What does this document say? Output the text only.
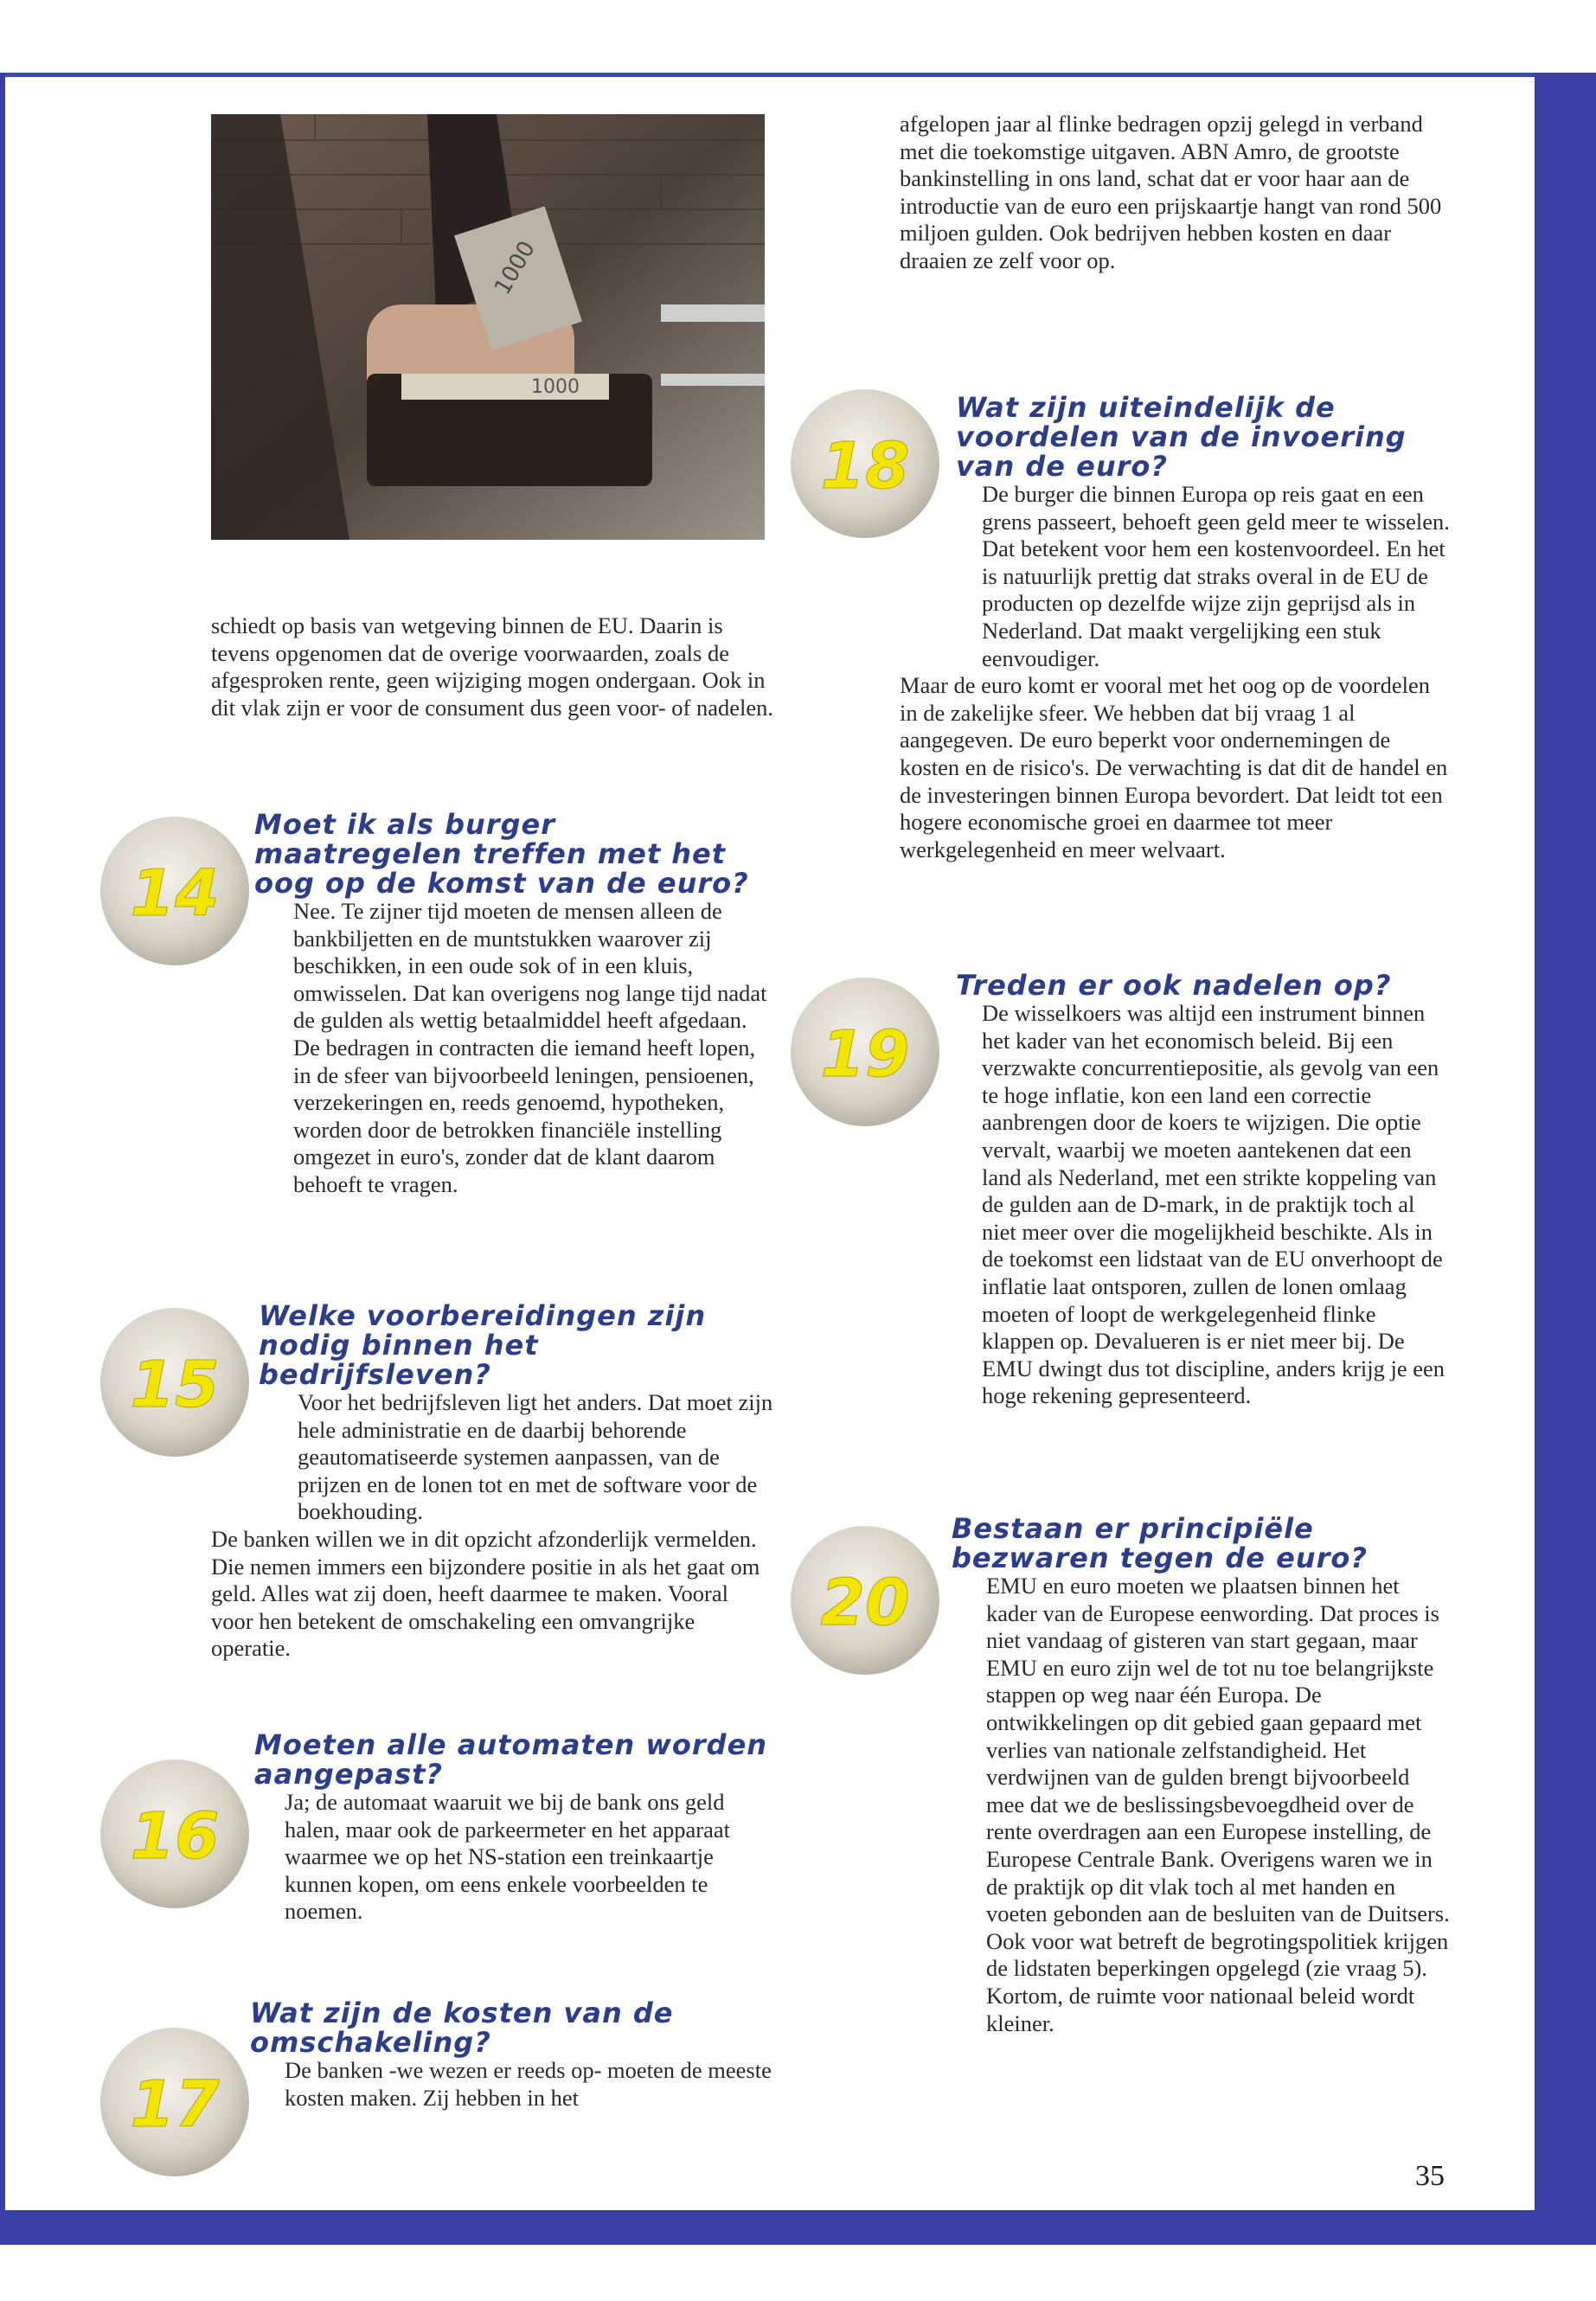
1000
1000

schiedt op basis van wetgeving binnen de EU. Daarin is tevens opgenomen dat de overige voorwaarden, zoals de afgesproken rente, geen wijziging mogen ondergaan. Ook in dit vlak zijn er voor de consument dus geen voor- of nadelen.

14

Moet ik als burger maatregelen treffen met het oog op de komst van de euro?

Nee. Te zijner tijd moeten de mensen alleen de bankbiljetten en de muntstukken waarover zij beschikken, in een oude sok of in een kluis, omwisselen. Dat kan overigens nog lange tijd nadat de gulden als wettig betaalmiddel heeft afgedaan. De bedragen in contracten die iemand heeft lopen, in de sfeer van bijvoorbeeld leningen, pensioenen, verzekeringen en, reeds genoemd, hypotheken, worden door de betrokken financiële instelling omgezet in euro's, zonder dat de klant daarom behoeft te vragen.

15

Welke voorbereidingen zijn nodig binnen het bedrijfsleven?

Voor het bedrijfsleven ligt het anders. Dat moet zijn hele administratie en de daarbij behorende geautomatiseerde systemen aanpassen, van de prijzen en de lonen tot en met de software voor de boekhouding.

De banken willen we in dit opzicht afzonderlijk vermelden. Die nemen immers een bijzondere positie in als het gaat om geld. Alles wat zij doen, heeft daarmee te maken. Vooral voor hen betekent de omschakeling een omvangrijke operatie.

16

Moeten alle automaten worden aangepast?

Ja; de automaat waaruit we bij de bank ons geld halen, maar ook de parkeermeter en het apparaat waarmee we op het NS-station een treinkaartje kunnen kopen, om eens enkele voorbeelden te noemen.

17

Wat zijn de kosten van de omschakeling?

De banken -we wezen er reeds op- moeten de meeste kosten maken. Zij hebben in het

afgelopen jaar al flinke bedragen opzij gelegd in verband met die toekomstige uitgaven. ABN Amro, de grootste bankinstelling in ons land, schat dat er voor haar aan de introductie van de euro een prijskaartje hangt van rond 500 miljoen gulden. Ook bedrijven hebben kosten en daar draaien ze zelf voor op.

18

Wat zijn uiteindelijk de voordelen van de invoering van de euro?

De burger die binnen Europa op reis gaat en een grens passeert, behoeft geen geld meer te wisselen. Dat betekent voor hem een kostenvoordeel. En het is natuurlijk prettig dat straks overal in de EU de producten op dezelfde wijze zijn geprijsd als in Nederland. Dat maakt vergelijking een stuk eenvoudiger.

Maar de euro komt er vooral met het oog op de voordelen in de zakelijke sfeer. We hebben dat bij vraag 1 al aangegeven. De euro beperkt voor ondernemingen de kosten en de risico's. De verwachting is dat dit de handel en de investeringen binnen Europa bevordert. Dat leidt tot een hogere economische groei en daarmee tot meer werkgelegenheid en meer welvaart.

19

Treden er ook nadelen op?

De wisselkoers was altijd een instrument binnen het kader van het economisch beleid. Bij een verzwakte concurrentiepositie, als gevolg van een te hoge inflatie, kon een land een correctie aanbrengen door de koers te wijzigen. Die optie vervalt, waarbij we moeten aantekenen dat een land als Nederland, met een strikte koppeling van de gulden aan de D-mark, in de praktijk toch al niet meer over die mogelijkheid beschikte. Als in de toekomst een lidstaat van de EU onverhoopt de inflatie laat ontsporen, zullen de lonen omlaag moeten of loopt de werkgelegenheid flinke klappen op. Devalueren is er niet meer bij. De EMU dwingt dus tot discipline, anders krijg je een hoge rekening gepresenteerd.

20

Bestaan er principiële bezwaren tegen de euro?

EMU en euro moeten we plaatsen binnen het kader van de Europese eenwording. Dat proces is niet vandaag of gisteren van start gegaan, maar EMU en euro zijn wel de tot nu toe belangrijkste stappen op weg naar één Europa. De ontwikkelingen op dit gebied gaan gepaard met verlies van nationale zelfstandigheid. Het verdwijnen van de gulden brengt bijvoorbeeld mee dat we de beslissingsbevoegdheid over de rente overdragen aan een Europese instelling, de Europese Centrale Bank. Overigens waren we in de praktijk op dit vlak toch al met handen en voeten gebonden aan de besluiten van de Duitsers. Ook voor wat betreft de begrotingspolitiek krijgen de lidstaten beperkingen opgelegd (zie vraag 5). Kortom, de ruimte voor nationaal beleid wordt kleiner.

35
